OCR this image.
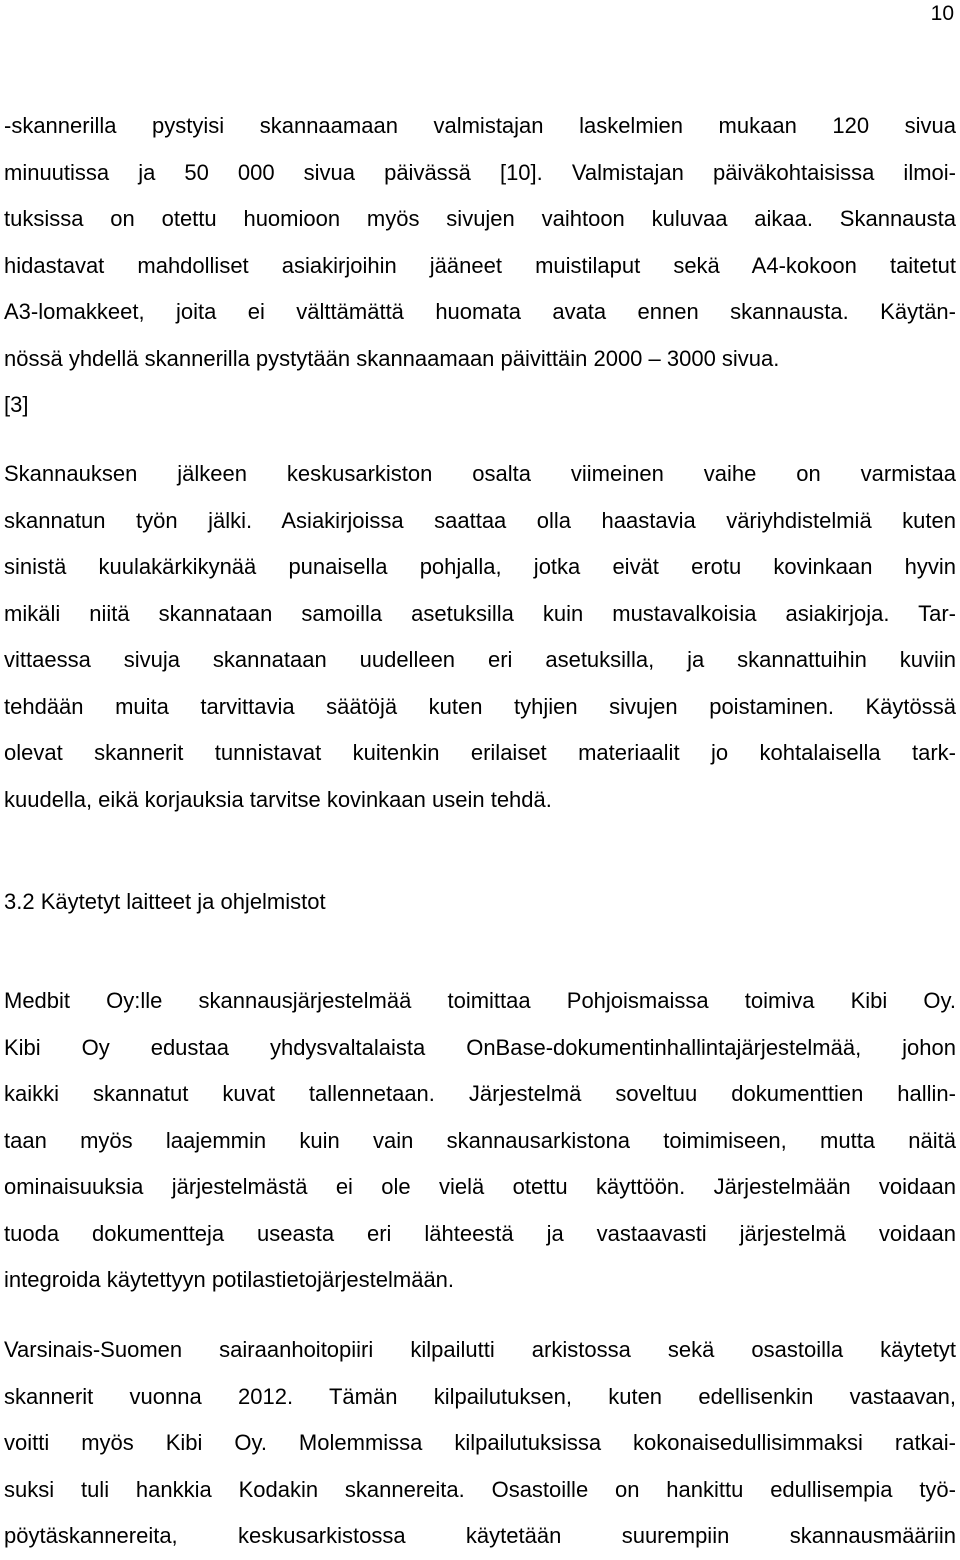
10
-skannerilla pystyisi skannaamaan valmistajan laskelmien mukaan 120 sivua
minuutissa ja 50 000 sivua päivässä [10]. Valmistajan päiväkohtaisissa ilmoi-
tuksissa on otettu huomioon myös sivujen vaihtoon kuluvaa aikaa. Skannausta
hidastavat mahdolliset asiakirjoihin jääneet muistilaput sekä A4-kokoon taitetut
A3-lomakkeet, joita ei välttämättä huomata avata ennen skannausta. Käytän-
nössä yhdellä skannerilla pystytään skannaamaan päivittäin 2000 – 3000 sivua.
[3]
Skannauksen jälkeen keskusarkiston osalta viimeinen vaihe on varmistaa
skannatun työn jälki. Asiakirjoissa saattaa olla haastavia väriyhdistelmiä kuten
sinistä kuulakärkikynää punaisella pohjalla, jotka eivät erotu kovinkaan hyvin
mikäli niitä skannataan samoilla asetuksilla kuin mustavalkoisia asiakirjoja. Tar-
vittaessa sivuja skannataan uudelleen eri asetuksilla, ja skannattuihin kuviin
tehdään muita tarvittavia säätöjä kuten tyhjien sivujen poistaminen. Käytössä
olevat skannerit tunnistavat kuitenkin erilaiset materiaalit jo kohtalaisella tark-
kuudella, eikä korjauksia tarvitse kovinkaan usein tehdä.
3.2 Käytetyt laitteet ja ohjelmistot
Medbit Oy:lle skannausjärjestelmää toimittaa Pohjoismaissa toimiva Kibi Oy.
Kibi Oy edustaa yhdysvaltalaista OnBase-dokumentinhallintajärjestelmää, johon
kaikki skannatut kuvat tallennetaan. Järjestelmä soveltuu dokumenttien hallin-
taan myös laajemmin kuin vain skannausarkistona toimimiseen, mutta näitä
ominaisuuksia järjestelmästä ei ole vielä otettu käyttöön. Järjestelmään voidaan
tuoda dokumentteja useasta eri lähteestä ja vastaavasti järjestelmä voidaan
integroida käytettyyn potilastietojärjestelmään.
Varsinais-Suomen sairaanhoitopiiri kilpailutti arkistossa sekä osastoilla käytetyt
skannerit vuonna 2012. Tämän kilpailutuksen, kuten edellisenkin vastaavan,
voitti myös Kibi Oy. Molemmissa kilpailutuksissa kokonaisedullisimmaksi ratkai-
suksi tuli hankkia Kodakin skannereita. Osastoille on hankittu edullisempia työ-
pöytäskannereita, keskusarkistossa käytetään suurempiin skannausmääriin
